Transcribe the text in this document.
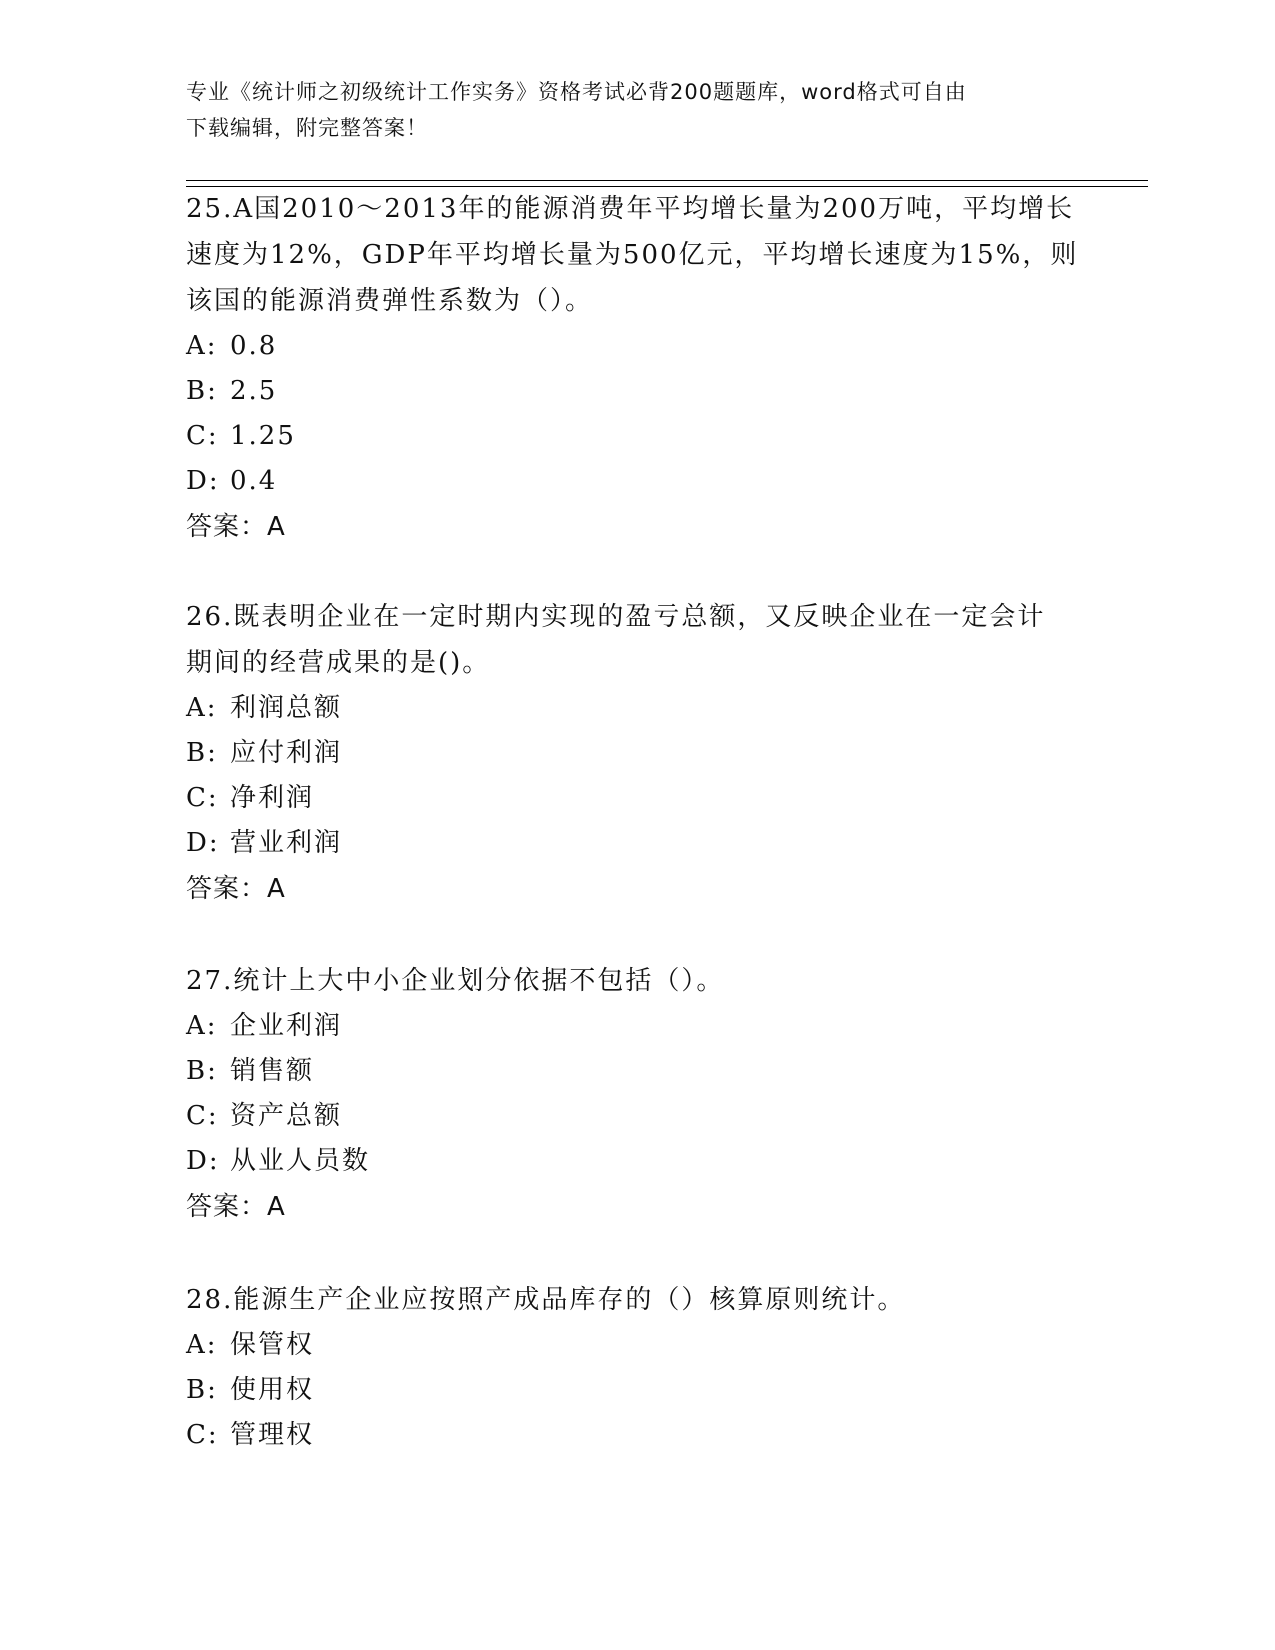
专业《统计师之初级统计工作实务》资格考试必背200题题库，word格式可自由
下载编辑，附完整答案！

25.A国2010～2013年的能源消费年平均增长量为200万吨，平均增长
速度为12%，GDP年平均增长量为500亿元，平均增长速度为15%，则
该国的能源消费弹性系数为（）。

A: 0.8

B: 2.5

C: 1.25

D: 0.4

答案：A

26.既表明企业在一定时期内实现的盈亏总额，又反映企业在一定会计
期间的经营成果的是()。

A: 利润总额

B: 应付利润

C: 净利润

D: 营业利润

答案：A

27.统计上大中小企业划分依据不包括（）。

A: 企业利润

B: 销售额

C: 资产总额

D: 从业人员数

答案：A

28.能源生产企业应按照产成品库存的（）核算原则统计。

A: 保管权

B: 使用权

C: 管理权
